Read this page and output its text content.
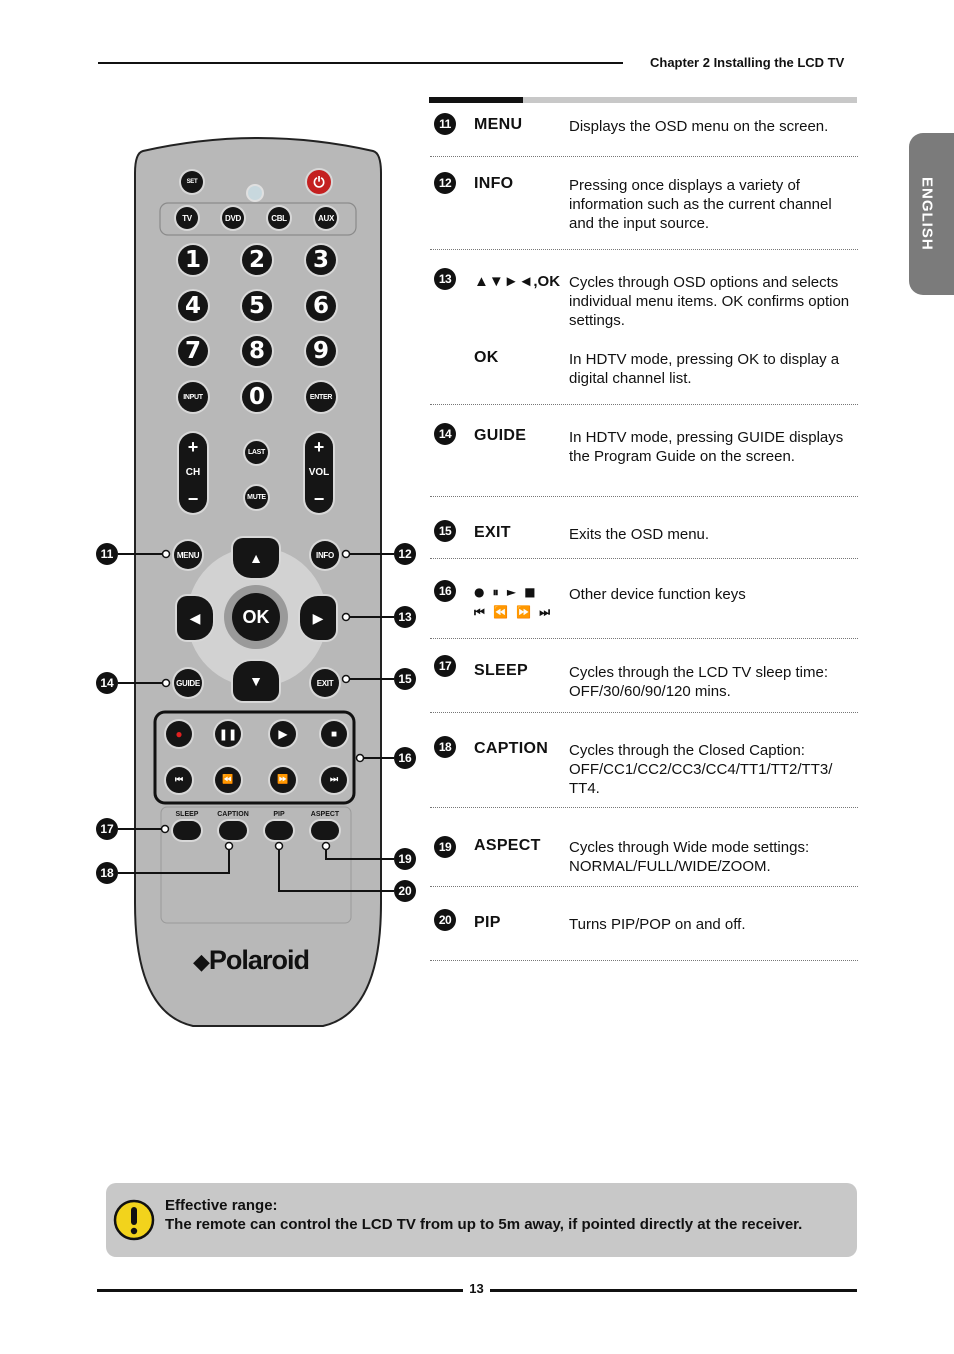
Chapter 2 Installing the LCD TV
ENGLISH
11	MENU	Displays the OSD menu on the screen.
12	INFO	Pressing once displays a variety of information such as the current channel and the input source.
13	▲▼►◄,OK Cycles through OSD options and selects individual menu items. OK confirms option settings.
OK	In HDTV mode, pressing OK to display a digital channel list.
14	GUIDE	In HDTV mode, pressing GUIDE displays the Program Guide on the screen.
15	EXIT	Exits the OSD menu.
16	● ⏸ ► ■
⏮ ⏪ ⏩ ⏭
Other device function keys
17	SLEEP	Cycles through the LCD TV sleep time: OFF/30/60/90/120 mins.
18	CAPTION Cycles through the Closed Caption: OFF/CC1/CC2/CC3/CC4/TT1/TT2/TT3/ TT4.
19	ASPECT Cycles through Wide mode settings: NORMAL/FULL/WIDE/ZOOM.
20	PIP	Turns PIP/POP on and off.
SET	⏻
TV	DVD	CBL	AUX
1	2	3
4	5	6
7	8	9
INPUT	0	ENTER
+
CH
−
+
VOL
−
LAST
MUTE
MENU	INFO
GUIDE	EXIT
▲
▼
◀	▶
OK
●	❚❚	▶	■
⏮	⏪	⏩	⏭
SLEEP	CAPTION	PIP	ASPECT
◆Polaroid
11	12
13
14	15
16
17
18
19
20
Effective range:
The remote can control the LCD TV from up to 5m away, if pointed directly at the receiver.
13
